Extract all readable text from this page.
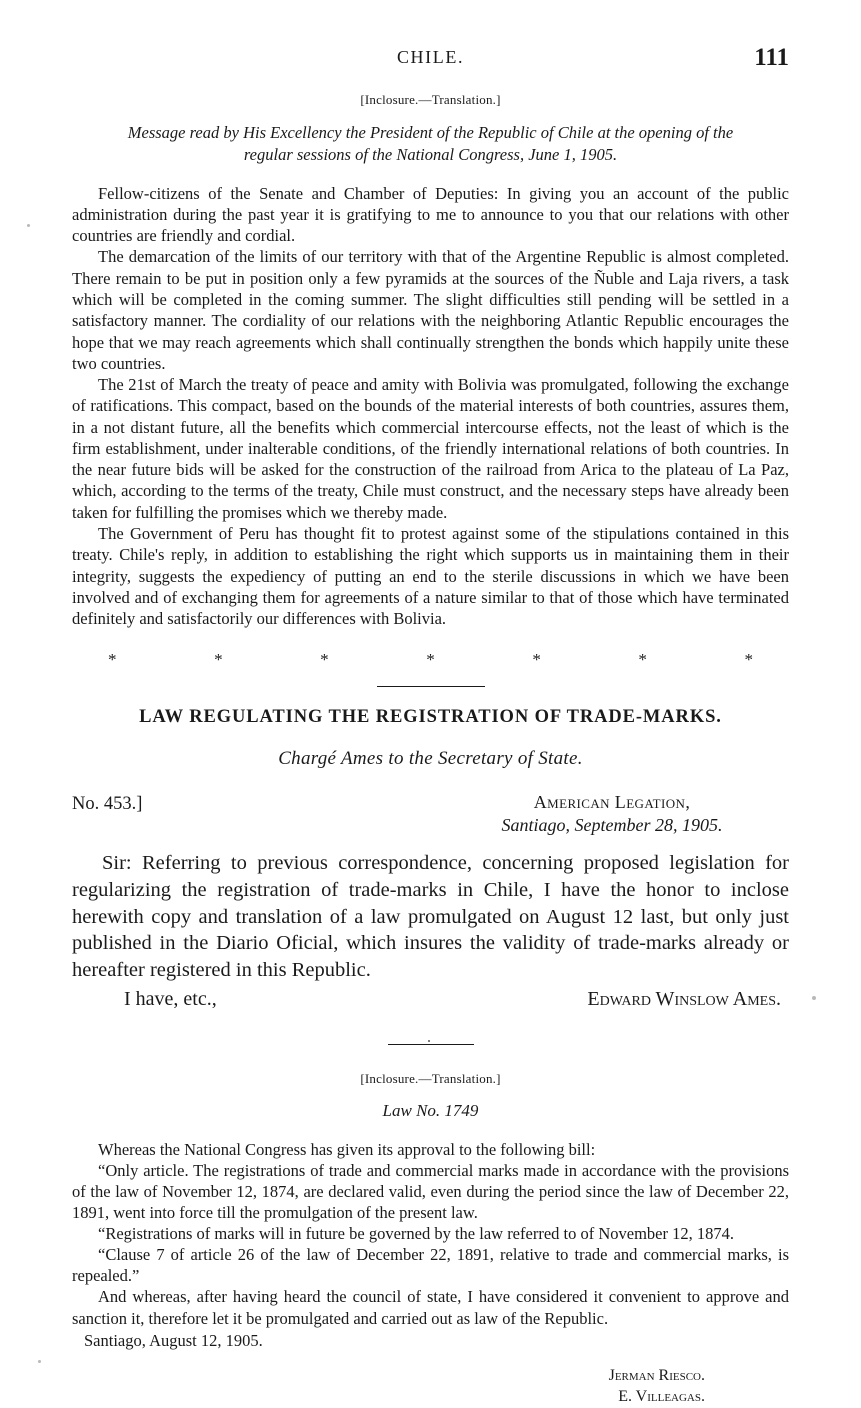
CHILE.	111
[Inclosure.—Translation.]
Message read by His Excellency the President of the Republic of Chile at the opening of the
regular sessions of the National Congress, June 1, 1905.

Fellow-citizens of the Senate and Chamber of Deputies: In giving you an account of the public administration during the past year it is gratifying to me to announce to you that our relations with other countries are friendly and cordial.

The demarcation of the limits of our territory with that of the Argentine Republic is almost completed. There remain to be put in position only a few pyramids at the sources of the Ñuble and Laja rivers, a task which will be completed in the coming summer. The slight difficulties still pending will be settled in a satisfactory manner. The cordiality of our relations with the neighboring Atlantic Republic encourages the hope that we may reach agreements which shall continually strengthen the bonds which happily unite these two countries.

The 21st of March the treaty of peace and amity with Bolivia was promulgated, following the exchange of ratifications. This compact, based on the bounds of the material interests of both countries, assures them, in a not distant future, all the benefits which commercial intercourse effects, not the least of which is the firm establishment, under inalterable conditions, of the friendly international relations of both countries. In the near future bids will be asked for the construction of the railroad from Arica to the plateau of La Paz, which, according to the terms of the treaty, Chile must construct, and the necessary steps have already been taken for fulfilling the promises which we thereby made.

The Government of Peru has thought fit to protest against some of the stipulations contained in this treaty. Chile's reply, in addition to establishing the right which supports us in maintaining them in their integrity, suggests the expediency of putting an end to the sterile discussions in which we have been involved and of exchanging them for agreements of a nature similar to that of those which have terminated definitely and satisfactorily our differences with Bolivia.

*	*	*	*	*	*	*
LAW REGULATING THE REGISTRATION OF TRADE-MARKS.
Chargé Ames to the Secretary of State.
No. 453.]	American Legation,
Santiago, September 28, 1905.

Sir: Referring to previous correspondence, concerning proposed legislation for regularizing the registration of trade-marks in Chile, I have the honor to inclose herewith copy and translation of a law promulgated on August 12 last, but only just published in the Diario Oficial, which insures the validity of trade-marks already or hereafter registered in this Republic.

I have, etc.,	Edward Winslow Ames.
[Inclosure.—Translation.]
Law No. 1749

Whereas the National Congress has given its approval to the following bill:

“Only article. The registrations of trade and commercial marks made in accordance with the provisions of the law of November 12, 1874, are declared valid, even during the period since the law of December 22, 1891, went into force till the promulgation of the present law.

“Registrations of marks will in future be governed by the law referred to of November 12, 1874.

“Clause 7 of article 26 of the law of December 22, 1891, relative to trade and commercial marks, is repealed.”

And whereas, after having heard the council of state, I have considered it convenient to approve and sanction it, therefore let it be promulgated and carried out as law of the Republic.

Santiago, August 12, 1905.
Jerman Riesco.
E. Villeagas.
